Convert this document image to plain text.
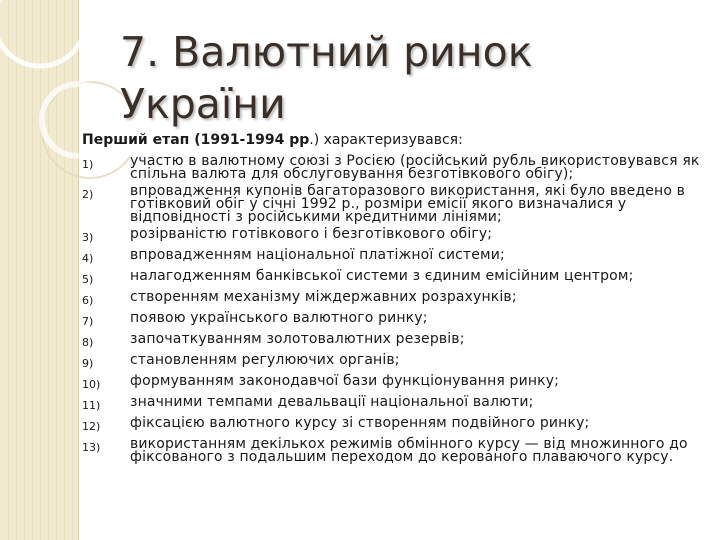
7. Валютний ринок України

Перший етап (1991-1994 рр.) характеризувався:

1)	участю в валютному союзі з Росією (російський рубль використовувався як спільна валюта для обслуговування безготівкового обігу);
2)	впровадження купонів багаторазового використання, які було введено в готівковий обіг у січні 1992 р., розміри емісії якого визначалися у відповідності з російськими кредитними лініями;
3)	розірваністю готівкового і безготівкового обігу;
4)	впровадженням національної платіжної системи;
5)	налагодженням банківської системи з єдиним емісійним центром;
6)	створенням механізму міждержавних розрахунків;
7)	появою українського валютного ринку;
8)	започаткуванням золотовалютних резервів;
9)	становленням регулюючих органів;
10)	формуванням законодавчої бази функціонування ринку;
11)	значними темпами девальвації національної валюти;
12)	фіксацією валютного курсу зі створенням подвійного ринку;
13)	використанням декількох режимів обмінного курсу — від множинного до фіксованого з подальшим переходом до керованого плаваючого курсу.
